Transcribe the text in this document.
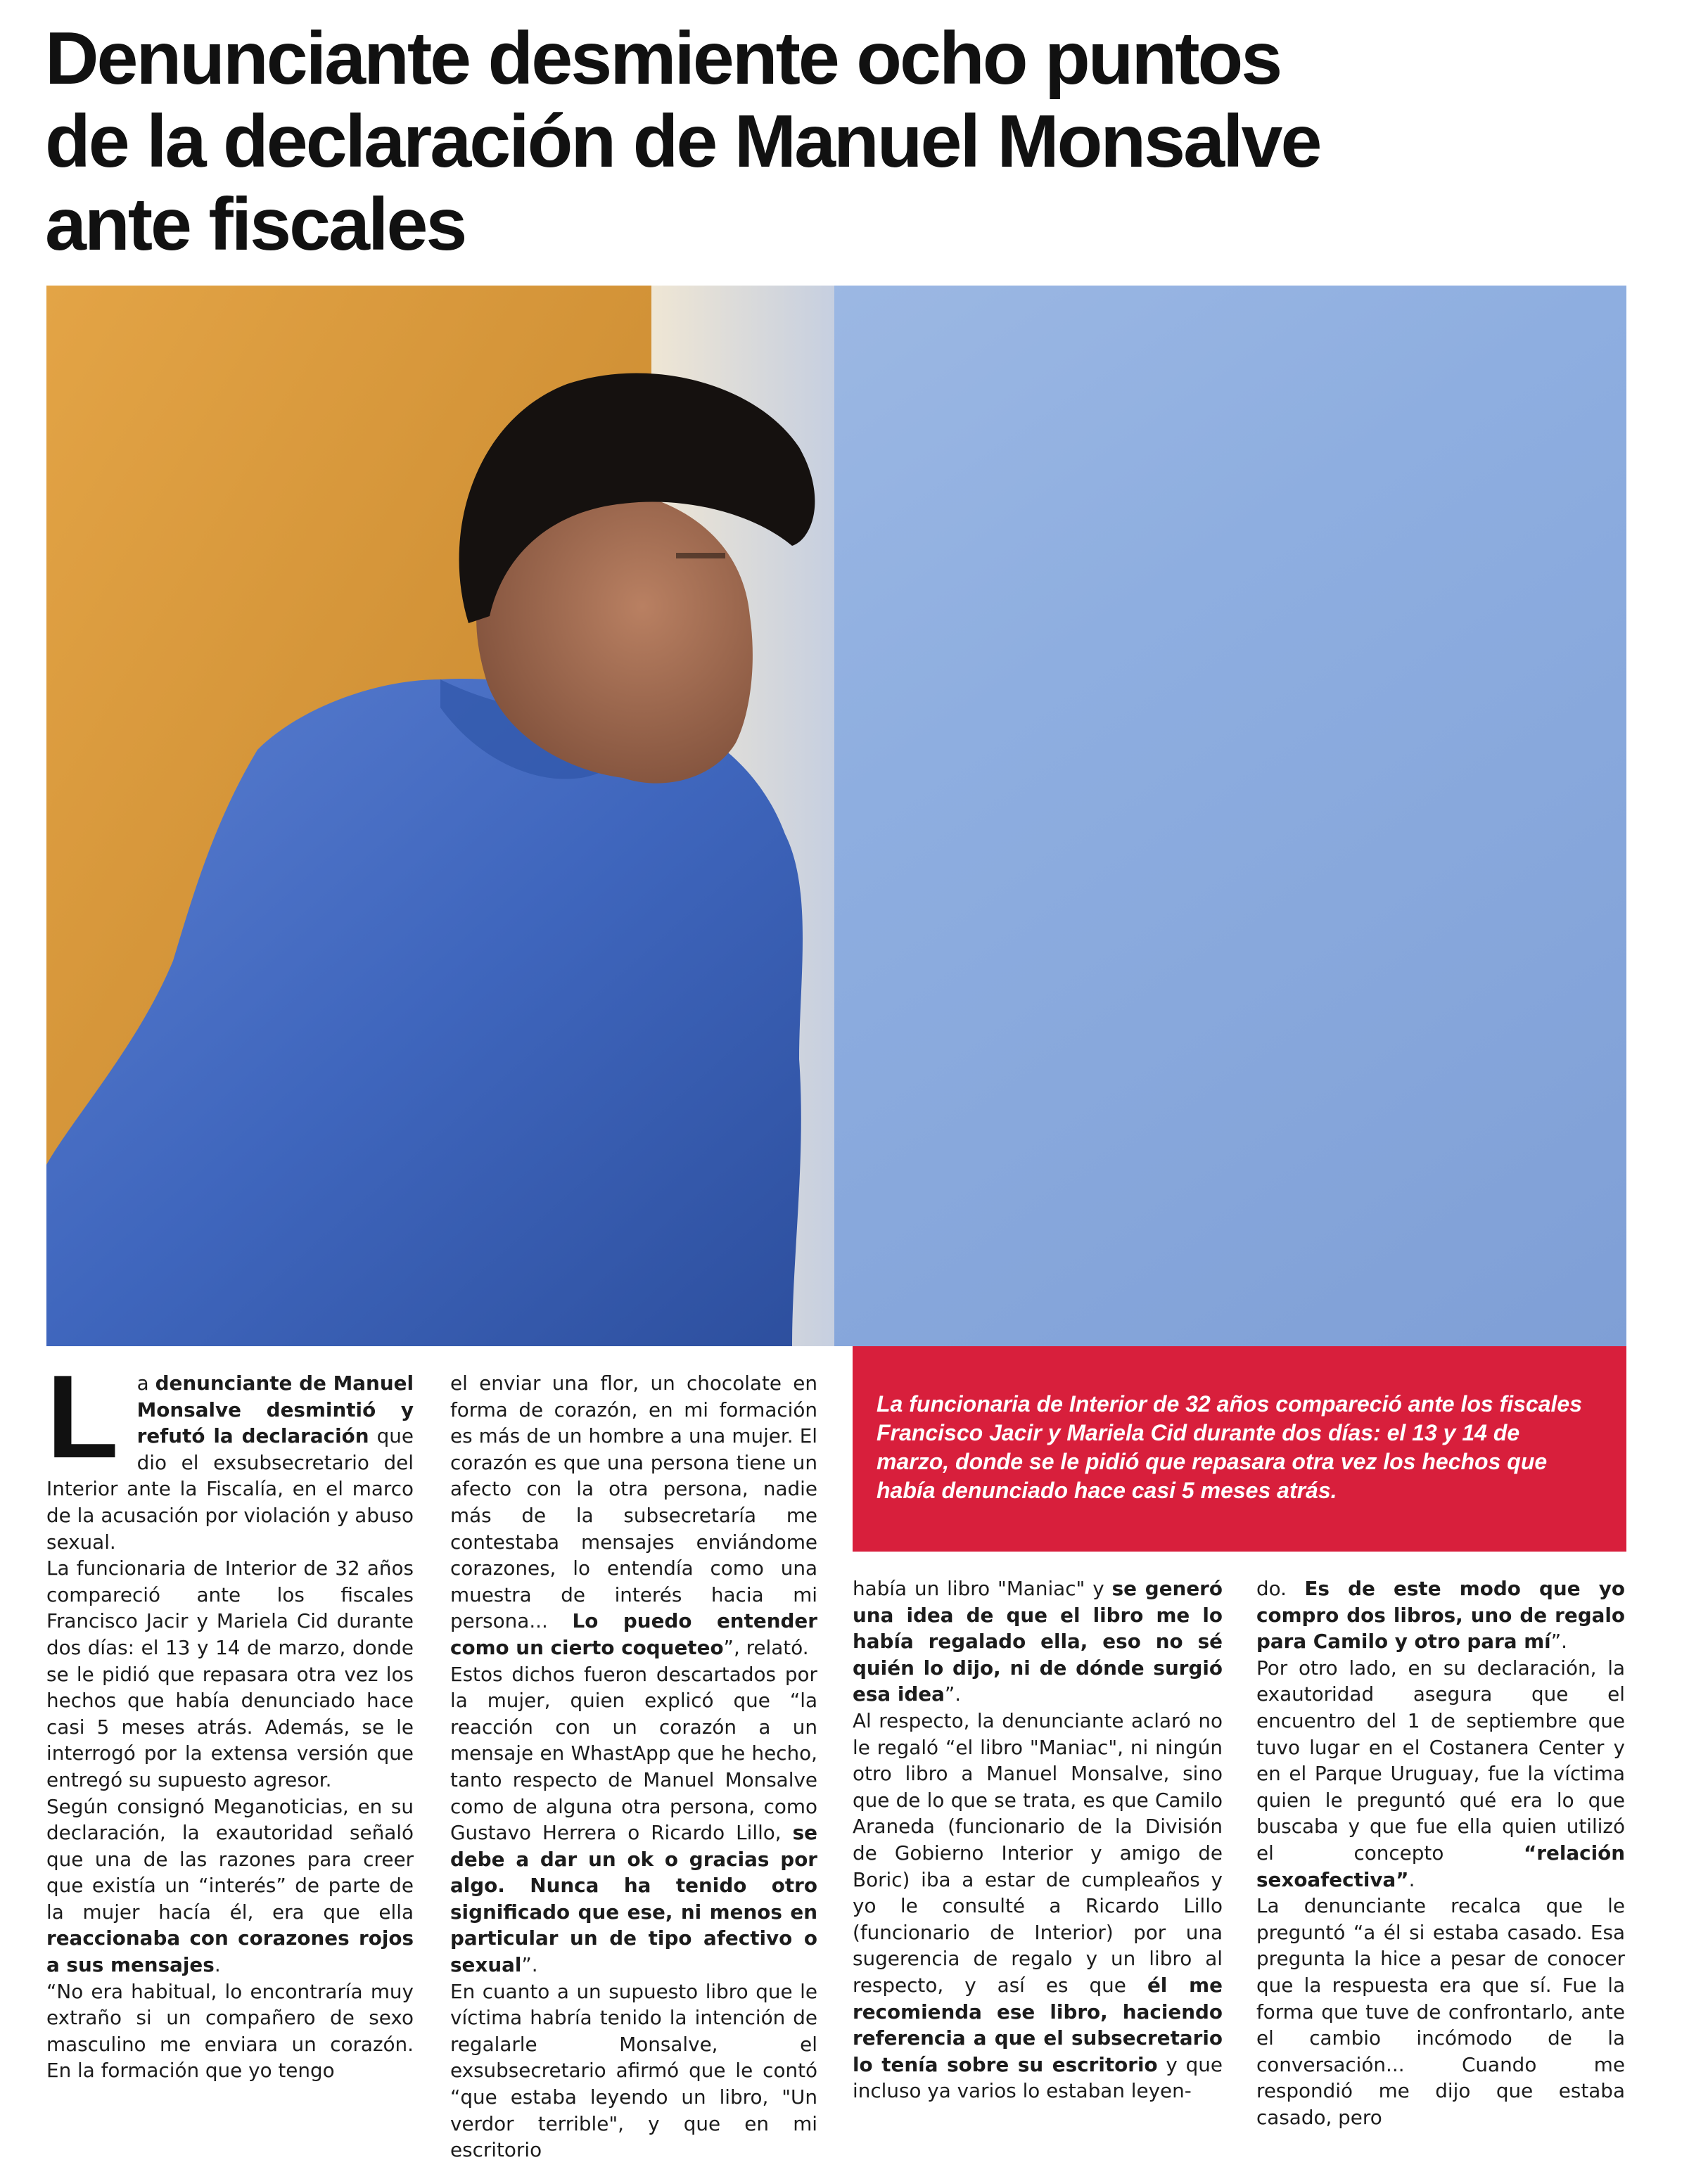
Denunciante desmiente ocho puntos
de la declaración de Manuel Monsalve
ante fiscales
La funcionaria de Interior de 32 años compareció ante los fiscales Francisco Jacir y Mariela Cid durante dos días: el 13 y 14 de marzo, donde se le pidió que repasara otra vez los hechos que había denunciado hace casi 5 meses atrás.

La denunciante de Manuel Monsalve desmintió y refutó la declaración que dio el exsubsecretario del Interior ante la Fiscalía, en el marco de la acusación por violación y abuso sexual.

La funcionaria de Interior de 32 años compareció ante los fiscales Francisco Jacir y Mariela Cid durante dos días: el 13 y 14 de marzo, donde se le pidió que repasara otra vez los hechos que había denunciado hace casi 5 meses atrás. Además, se le interrogó por la extensa versión que entregó su supuesto agresor.

Según consignó Meganoticias, en su declaración, la exautoridad señaló que una de las razones para creer que existía un “interés” de parte de la mujer hacía él, era que ella reaccionaba con corazones rojos a sus mensajes.

“No era habitual, lo encontraría muy extraño si un compañero de sexo masculino me enviara un corazón. En la formación que yo tengo

el enviar una flor, un chocolate en forma de corazón, en mi formación es más de un hombre a una mujer. El corazón es que una persona tiene un afecto con la otra persona, nadie más de la subsecretaría me contestaba mensajes enviándome corazones, lo entendía como una muestra de interés hacia mi persona... Lo puedo entender como un cierto coqueteo”, relató.

Estos dichos fueron descartados por la mujer, quien explicó que “la reacción con un corazón a un mensaje en WhastApp que he hecho, tanto respecto de Manuel Monsalve como de alguna otra persona, como Gustavo Herrera o Ricardo Lillo, se debe a dar un ok o gracias por algo. Nunca ha tenido otro significado que ese, ni menos en particular un de tipo afectivo o sexual”.

En cuanto a un supuesto libro que le víctima habría tenido la intención de regalarle Monsalve, el exsubsecretario afirmó que le contó “que estaba leyendo un libro, "Un verdor terrible", y que en mi escritorio

había un libro "Maniac" y se generó una idea de que el libro me lo había regalado ella, eso no sé quién lo dijo, ni de dónde surgió esa idea”.

Al respecto, la denunciante aclaró no le regaló “el libro "Maniac", ni ningún otro libro a Manuel Monsalve, sino que de lo que se trata, es que Camilo Araneda (funcionario de la División de Gobierno Interior y amigo de Boric) iba a estar de cumpleaños y yo le consulté a Ricardo Lillo (funcionario de Interior) por una sugerencia de regalo y un libro al respecto, y así es que él me recomienda ese libro, haciendo referencia a que el subsecretario lo tenía sobre su escritorio y que incluso ya varios lo estaban leyen-

do. Es de este modo que yo compro dos libros, uno de regalo para Camilo y otro para mí”.

Por otro lado, en su declaración, la exautoridad asegura que el encuentro del 1 de septiembre que tuvo lugar en el Costanera Center y en el Parque Uruguay, fue la víctima quien le preguntó qué era lo que buscaba y que fue ella quien utilizó el concepto “relación sexoafectiva”.

La denunciante recalca que le preguntó “a él si estaba casado. Esa pregunta la hice a pesar de conocer que la respuesta era que sí. Fue la forma que tuve de confrontarlo, ante el cambio incómodo de la conversación... Cuando me respondió me dijo que estaba casado, pero
